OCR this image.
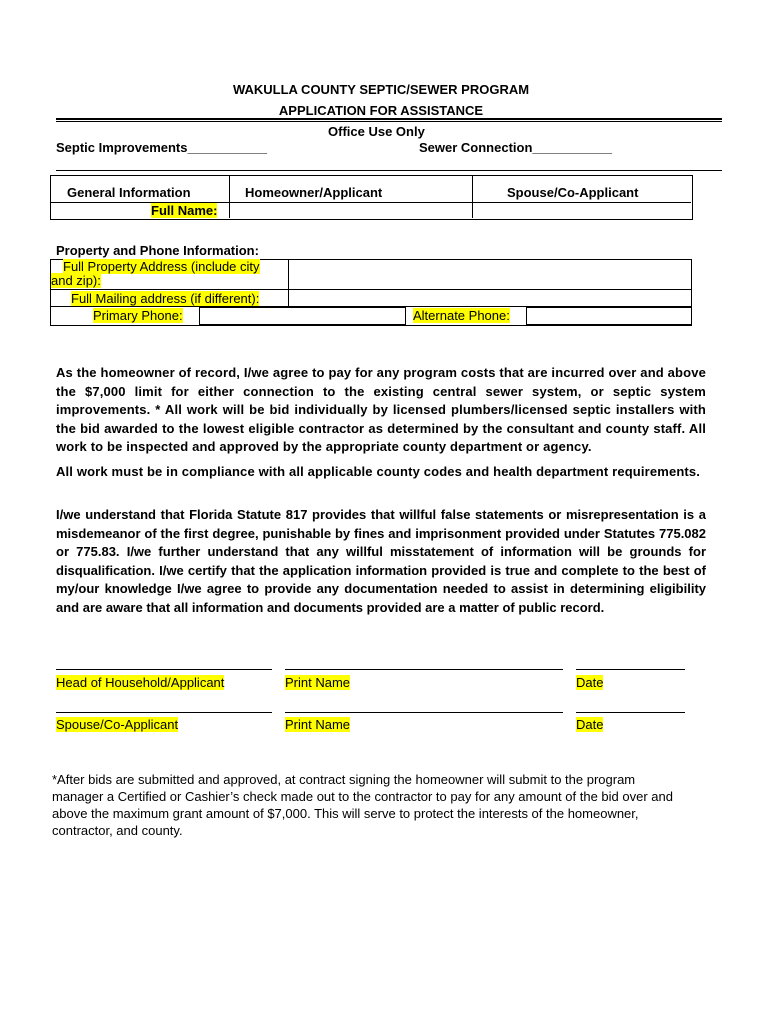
WAKULLA COUNTY SEPTIC/SEWER PROGRAM
APPLICATION FOR ASSISTANCE
Office Use Only
Septic Improvements___________	Sewer Connection___________
General Information	Homeowner/Applicant	Spouse/Co-Applicant
Full Name:
Property and Phone Information:
Full Property Address (include city and zip):
Full Mailing address (if different):
Primary Phone:	Alternate Phone:
As the homeowner of record, I/we agree to pay for any program costs that are incurred over and above the $7,000 limit for either connection to the existing central sewer system, or septic system improvements. * All work will be bid individually by licensed plumbers/licensed septic installers with the bid awarded to the lowest eligible contractor as determined by the consultant and county staff. All work to be inspected and approved by the appropriate county department or agency.
All work must be in compliance with all applicable county codes and health department requirements.
I/we understand that Florida Statute 817 provides that willful false statements or misrepresentation is a misdemeanor of the first degree, punishable by fines and imprisonment provided under Statutes 775.082 or 775.83. I/we further understand that any willful misstatement of information will be grounds for disqualification. I/we certify that the application information provided is true and complete to the best of my/our knowledge I/we agree to provide any documentation needed to assist in determining eligibility and are aware that all information and documents provided are a matter of public record.
Head of Household/Applicant	Print Name	Date
Spouse/Co-Applicant	Print Name	Date
*After bids are submitted and approved, at contract signing the homeowner will submit to the program manager a Certified or Cashier’s check made out to the contractor to pay for any amount of the bid over and above the maximum grant amount of $7,000. This will serve to protect the interests of the homeowner, contractor, and county.
